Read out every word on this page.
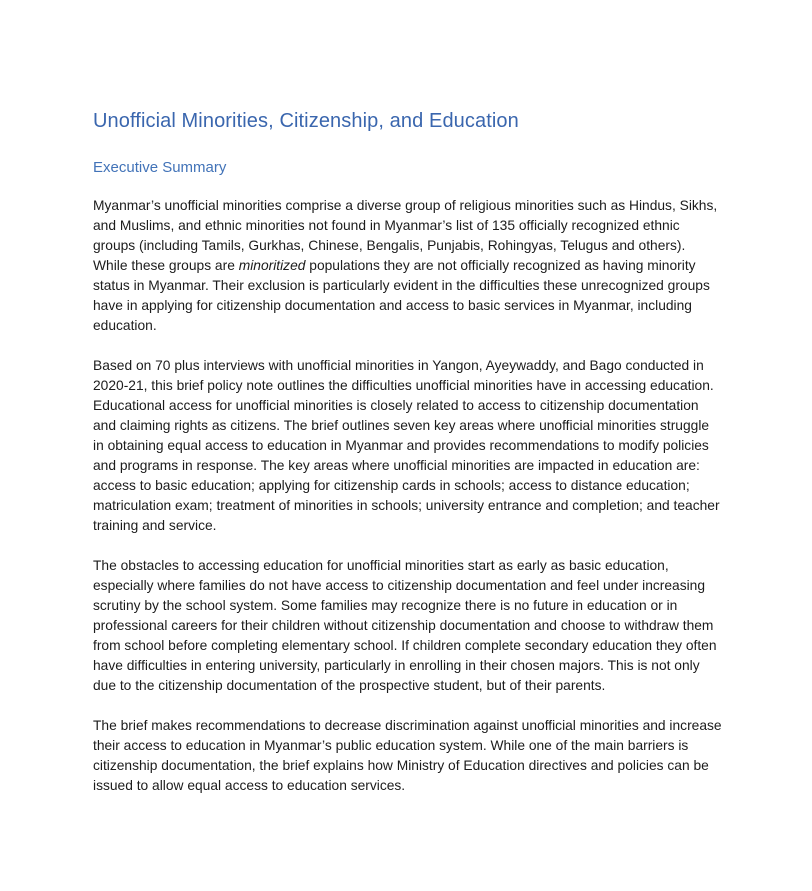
Unofficial Minorities, Citizenship, and Education
Executive Summary

Myanmar’s unofficial minorities comprise a diverse group of religious minorities such as Hindus, Sikhs, and Muslims, and ethnic minorities not found in Myanmar’s list of 135 officially recognized ethnic groups (including Tamils, Gurkhas, Chinese, Bengalis, Punjabis, Rohingyas, Telugus and others). While these groups are minoritized populations they are not officially recognized as having minority status in Myanmar. Their exclusion is particularly evident in the difficulties these unrecognized groups have in applying for citizenship documentation and access to basic services in Myanmar, including education.

Based on 70 plus interviews with unofficial minorities in Yangon, Ayeywaddy, and Bago conducted in 2020-21, this brief policy note outlines the difficulties unofficial minorities have in accessing education. Educational access for unofficial minorities is closely related to access to citizenship documentation and claiming rights as citizens. The brief outlines seven key areas where unofficial minorities struggle in obtaining equal access to education in Myanmar and provides recommendations to modify policies and programs in response. The key areas where unofficial minorities are impacted in education are: access to basic education; applying for citizenship cards in schools; access to distance education; matriculation exam; treatment of minorities in schools; university entrance and completion; and teacher training and service.

The obstacles to accessing education for unofficial minorities start as early as basic education, especially where families do not have access to citizenship documentation and feel under increasing scrutiny by the school system. Some families may recognize there is no future in education or in professional careers for their children without citizenship documentation and choose to withdraw them from school before completing elementary school. If children complete secondary education they often have difficulties in entering university, particularly in enrolling in their chosen majors. This is not only due to the citizenship documentation of the prospective student, but of their parents.

The brief makes recommendations to decrease discrimination against unofficial minorities and increase their access to education in Myanmar’s public education system. While one of the main barriers is citizenship documentation, the brief explains how Ministry of Education directives and policies can be issued to allow equal access to education services.
